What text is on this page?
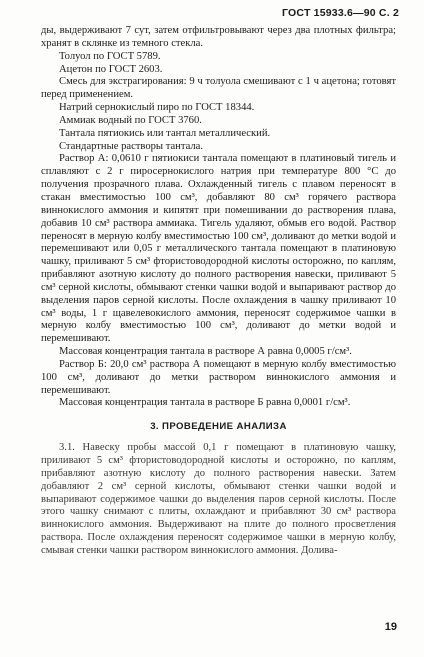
ГОСТ 15933.6—90 С. 2

ды, выдерживают 7 сут, затем отфильтровывают через два плотных фильтра; хранят в склянке из темного стекла.

Толуол по ГОСТ 5789.

Ацетон по ГОСТ 2603.

Смесь для экстрагирования: 9 ч толуола смешивают с 1 ч ацетона; готовят перед применением.

Натрий сернокислый пиро по ГОСТ 18344.

Аммиак водный по ГОСТ 3760.

Тантала пятиокись или тантал металлический.

Стандартные растворы тантала.

Раствор А: 0,0610 г пятиокиси тантала помещают в платиновый тигель и сплавляют с 2 г пиросернокислого натрия при температуре 800 °С до получения прозрачного плава. Охлажденный тигель с плавом переносят в стакан вместимостью 100 см³, добавляют 80 см³ горячего раствора виннокислого аммония и кипятят при помешивании до растворения плава, добавив 10 см³ раствора аммиака. Тигель удаляют, обмыв его водой. Раствор переносят в мерную колбу вместимостью 100 см³, доливают до метки водой и перемешивают или 0,05 г металлического тантала помещают в платиновую чашку, приливают 5 см³ фтористоводородной кислоты осторожно, по каплям, прибавляют азотную кислоту до полного растворения навески, приливают 5 см³ серной кислоты, обмывают стенки чашки водой и выпаривают раствор до выделения паров серной кислоты. После охлаждения в чашку приливают 10 см³ воды, 1 г щавелевокислого аммония, переносят содержимое чашки в мерную колбу вместимостью 100 см³, доливают до метки водой и перемешивают.

Массовая концентрация тантала в растворе А равна 0,0005 г/см³.

Раствор Б: 20,0 см³ раствора А помещают в мерную колбу вместимостью 100 см³, доливают до метки раствором виннокислого аммония и перемешивают.

Массовая концентрация тантала в растворе Б равна 0,0001 г/см³.

3. ПРОВЕДЕНИЕ АНАЛИЗА

3.1. Навеску пробы массой 0,1 г помещают в платиновую чашку, приливают 5 см³ фтористоводородной кислоты и осторожно, по каплям, прибавляют азотную кислоту до полного растворения навески. Затем добавляют 2 см³ серной кислоты, обмывают стенки чашки водой и выпаривают содержимое чашки до выделения паров серной кислоты. После этого чашку снимают с плиты, охлаждают и прибавляют 30 см³ раствора виннокислого аммония. Выдерживают на плите до полного просветления раствора. После охлаждения переносят содержимое чашки в мерную колбу, смывая стенки чашки раствором виннокислого аммония. Долива-

19
